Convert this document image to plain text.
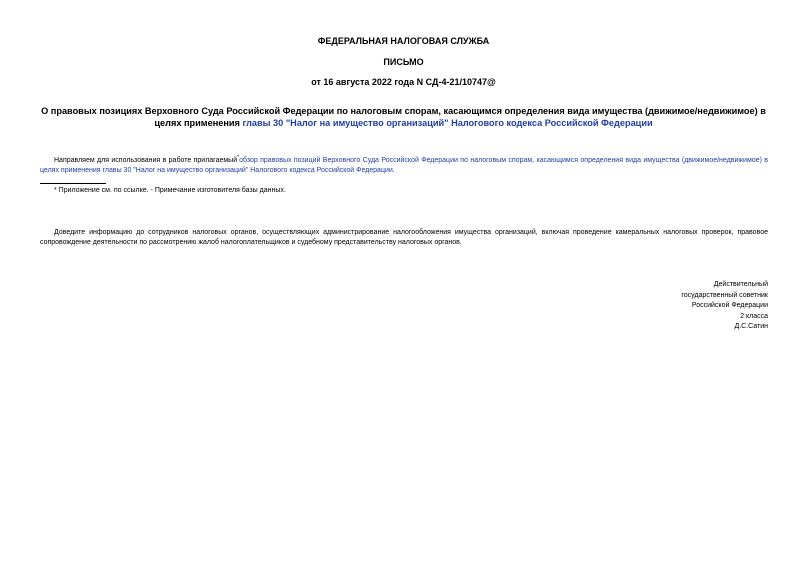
ФЕДЕРАЛЬНАЯ НАЛОГОВАЯ СЛУЖБА
ПИСЬМО
от 16 августа 2022 года N СД-4-21/10747@
О правовых позициях Верховного Суда Российской Федерации по налоговым спорам, касающимся определения вида имущества (движимое/недвижимое) в целях применения главы 30 "Налог на имущество организаций" Налогового кодекса Российской Федерации
Направляем для использования в работе прилагаемый*обзор правовых позиций Верховного Суда Российской Федерации по налоговым спорам, касающимся определения вида имущества (движимое/недвижимое) в целях применения главы 30 "Налог на имущество организаций" Налогового кодекса Российской Федерации.
* Приложение см. по ссылке. - Примечание изготовителя базы данных.
Доведите информацию до сотрудников налоговых органов, осуществляющих администрирование налогообложения имущества организаций, включая проведение камеральных налоговых проверок, правовое сопровождение деятельности по рассмотрению жалоб налогоплательщиков и судебному представительству налоговых органов.
Действительный
государственный советник
Российской Федерации
2 класса
Д.С.Сатин
